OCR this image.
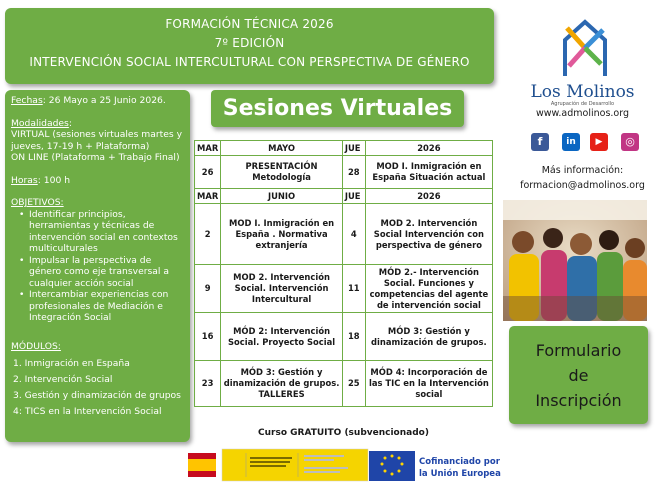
FORMACIÓN TÉCNICA 2026
7º EDICIÓN
INTERVENCIÓN SOCIAL INTERCULTURAL CON PERSPECTIVA DE GÉNERO
Fechas: 26 Mayo a 25 Junio 2026.
Modalidades:
VIRTUAL (sesiones virtuales martes y jueves, 17-19 h + Plataforma)
ON LINE (Plataforma + Trabajo Final)
Horas: 100 h
OBJETIVOS:
• Identificar principios, herramientas y técnicas de intervención social en contextos multiculturales
• Impulsar la perspectiva de género como eje transversal a cualquier acción social
• Intercambiar experiencias con profesionales de Mediación e Integración Social
MÓDULOS:
1. Inmigración en España
2. Intervención Social
3. Gestión y dinamización de grupos
4: TICS en la Intervención Social
Sesiones Virtuales
MAR	MAYO	JUE	2026
26	PRESENTACIÓN Metodología	28	MOD I. Inmigración en España Situación actual
MAR	JUNIO	JUE	2026
2	MOD I. Inmigración en España . Normativa extranjería	4	MOD 2. Intervención Social Intervención con perspectiva de género
9	MOD 2. Intervención Social. Intervención Intercultural	11	MÓD 2.- Intervención Social. Funciones y competencias del agente de intervención social
16	MÓD 2: Intervención Social. Proyecto Social	18	MÓD 3: Gestión y dinamización de grupos.
23	MÓD 3: Gestión y dinamización de grupos. TALLERES	25	MÓD 4: Incorporación de las TIC en la Intervención social
Curso GRATUITO (subvencionado)
Los Molinos
Agrupación de Desarrollo
www.admolinos.org
f	in	▶	◎
Más información:
formacion@admolinos.org
Formulario
de
Inscripción
Cofinanciado por
la Unión Europea
